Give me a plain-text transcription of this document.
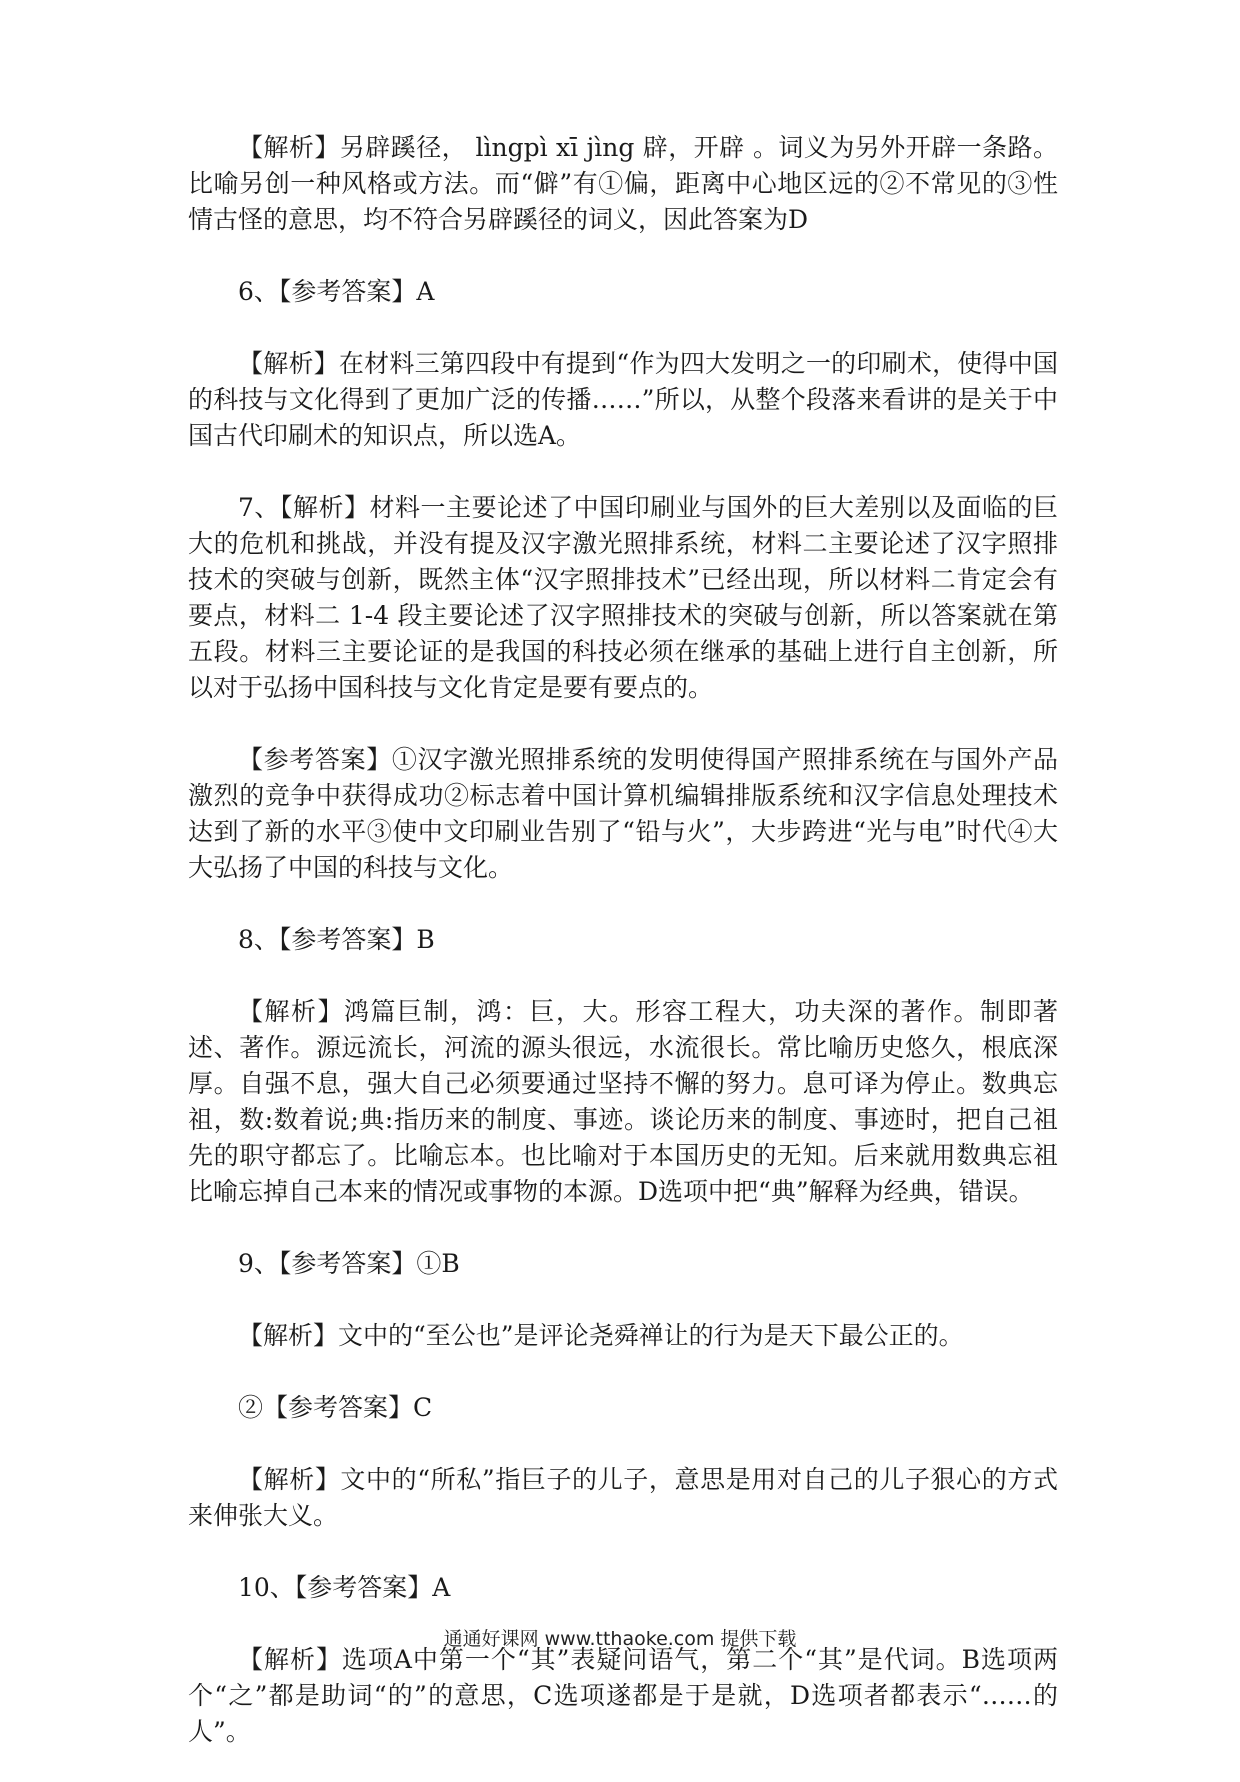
【解析】另辟蹊径， lìngpì xī jìng 辟，开辟 。词义为另外开辟一条路。比喻另创一种风格或方法。而“僻”有①偏，距离中心地区远的②不常见的③性情古怪的意思，均不符合另辟蹊径的词义，因此答案为D

6、【参考答案】A

【解析】在材料三第四段中有提到“作为四大发明之一的印刷术，使得中国的科技与文化得到了更加广泛的传播……”所以，从整个段落来看讲的是关于中国古代印刷术的知识点，所以选A。

7、【解析】材料一主要论述了中国印刷业与国外的巨大差别以及面临的巨大的危机和挑战，并没有提及汉字激光照排系统，材料二主要论述了汉字照排技术的突破与创新，既然主体“汉字照排技术”已经出现，所以材料二肯定会有要点，材料二 1-4 段主要论述了汉字照排技术的突破与创新，所以答案就在第五段。材料三主要论证的是我国的科技必须在继承的基础上进行自主创新，所以对于弘扬中国科技与文化肯定是要有要点的。

【参考答案】①汉字激光照排系统的发明使得国产照排系统在与国外产品激烈的竞争中获得成功②标志着中国计算机编辑排版系统和汉字信息处理技术达到了新的水平③使中文印刷业告别了“铅与火”，大步跨进“光与电”时代④大大弘扬了中国的科技与文化。

8、【参考答案】B

【解析】鸿篇巨制，鸿：巨，大。形容工程大，功夫深的著作。制即著述、著作。源远流长，河流的源头很远，水流很长。常比喻历史悠久，根底深厚。自强不息，强大自己必须要通过坚持不懈的努力。息可译为停止。数典忘祖，数:数着说;典:指历来的制度、事迹。谈论历来的制度、事迹时，把自己祖先的职守都忘了。比喻忘本。也比喻对于本国历史的无知。后来就用数典忘祖比喻忘掉自己本来的情况或事物的本源。D选项中把“典”解释为经典，错误。

9、【参考答案】①B

【解析】文中的“至公也”是评论尧舜禅让的行为是天下最公正的。

②【参考答案】C

【解析】文中的“所私”指巨子的儿子，意思是用对自己的儿子狠心的方式来伸张大义。

10、【参考答案】A

【解析】选项A中第一个“其”表疑问语气，第二个“其”是代词。B选项两个“之”都是助词“的”的意思，C选项遂都是于是就，D选项者都表示“……的人”。

通通好课网 www.tthaoke.com 提供下载
